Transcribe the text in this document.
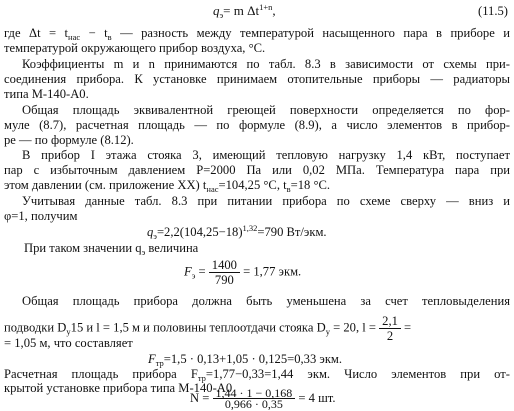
$q_э= m$ $\Delta t^{1+n}$,	(11.5)
где $\Delta t = t_{нас} - t_в$ — разность между температурой насыщенного пара в приборе и
температурой окружающего прибор воздуха, °С.
Коэффициенты m и n принимаются по табл. 8.3 в зависимости от схемы при-
соединения прибора. К установке принимаем отопительные приборы — радиаторы
типа М-140-А0.
Общая площадь эквивалентной греющей поверхности определяется по фор-
муле (8.7), расчетная площадь — по формуле (8.9), а число элементов в прибор-
ре — по формуле (8.12).
В прибор I этажа стояка 3, имеющий тепловую нагрузку 1,4 кВт, поступает
пар с избыточным давлением P=2000 Па или 0,02 МПа. Температура пара при
этом давлении (см. приложение XX) $t_{нас}=104,25$ °С, $t_в=18$ °С.
Учитывая данные табл. 8.3 при питании прибора по схеме сверху — вниз и
φ=1, получим
$q_э=2,2(104,25-18)^{1,32}=790$ Вт/экм.
При таком значении $q_э$ величина
$F_э = \frac{1400}{790} = 1,77$ экм.
Общая площадь прибора должна быть уменьшена за счет тепловыделения
подводки $D_у15$ и l = 1,5 м и половины теплоотдачи стояка $D_у = 20$, $l = \frac{2,1}{2}$ =
= 1,05 м, что составляет
$F_{тр}=1,5 \cdot 0,13+1,05 \cdot 0,125=0,33$ экм.
Расчетная площадь прибора $F_{тр}=1,77-0,33=1,44$ экм. Число элементов при от-
крытой установке прибора типа М-140-А0
$N = \frac{1,44 \cdot 1 - 0,168}{0,966 \cdot 0,35} = 4$ шт.
